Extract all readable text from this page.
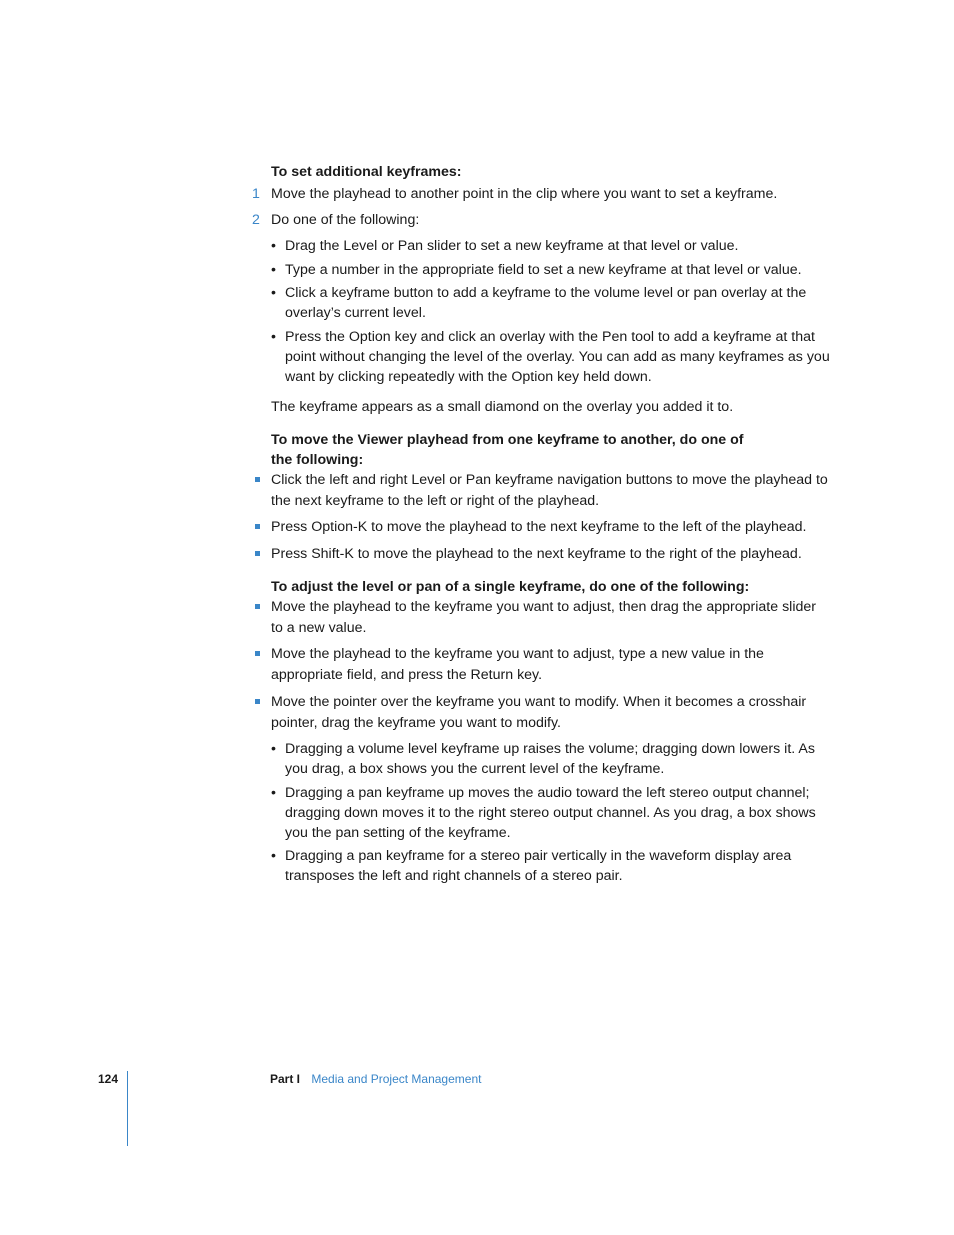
To set additional keyframes:

1 Move the playhead to another point in the clip where you want to set a keyframe.
2 Do one of the following:
• Drag the Level or Pan slider to set a new keyframe at that level or value.
• Type a number in the appropriate field to set a new keyframe at that level or value.
• Click a keyframe button to add a keyframe to the volume level or pan overlay at the overlay’s current level.
• Press the Option key and click an overlay with the Pen tool to add a keyframe at that point without changing the level of the overlay. You can add as many keyframes as you want by clicking repeatedly with the Option key held down.

The keyframe appears as a small diamond on the overlay you added it to.

To move the Viewer playhead from one keyframe to another, do one of
the following:

Click the left and right Level or Pan keyframe navigation buttons to move the playhead to the next keyframe to the left or right of the playhead.
Press Option-K to move the playhead to the next keyframe to the left of the playhead.
Press Shift-K to move the playhead to the next keyframe to the right of the playhead.

To adjust the level or pan of a single keyframe, do one of the following:

Move the playhead to the keyframe you want to adjust, then drag the appropriate slider to a new value.
Move the playhead to the keyframe you want to adjust, type a new value in the appropriate field, and press the Return key.
Move the pointer over the keyframe you want to modify. When it becomes a crosshair pointer, drag the keyframe you want to modify.
• Dragging a volume level keyframe up raises the volume; dragging down lowers it. As you drag, a box shows you the current level of the keyframe.
• Dragging a pan keyframe up moves the audio toward the left stereo output channel; dragging down moves it to the right stereo output channel. As you drag, a box shows you the pan setting of the keyframe.
• Dragging a pan keyframe for a stereo pair vertically in the waveform display area transposes the left and right channels of a stereo pair.
124	Part I Media and Project Management
